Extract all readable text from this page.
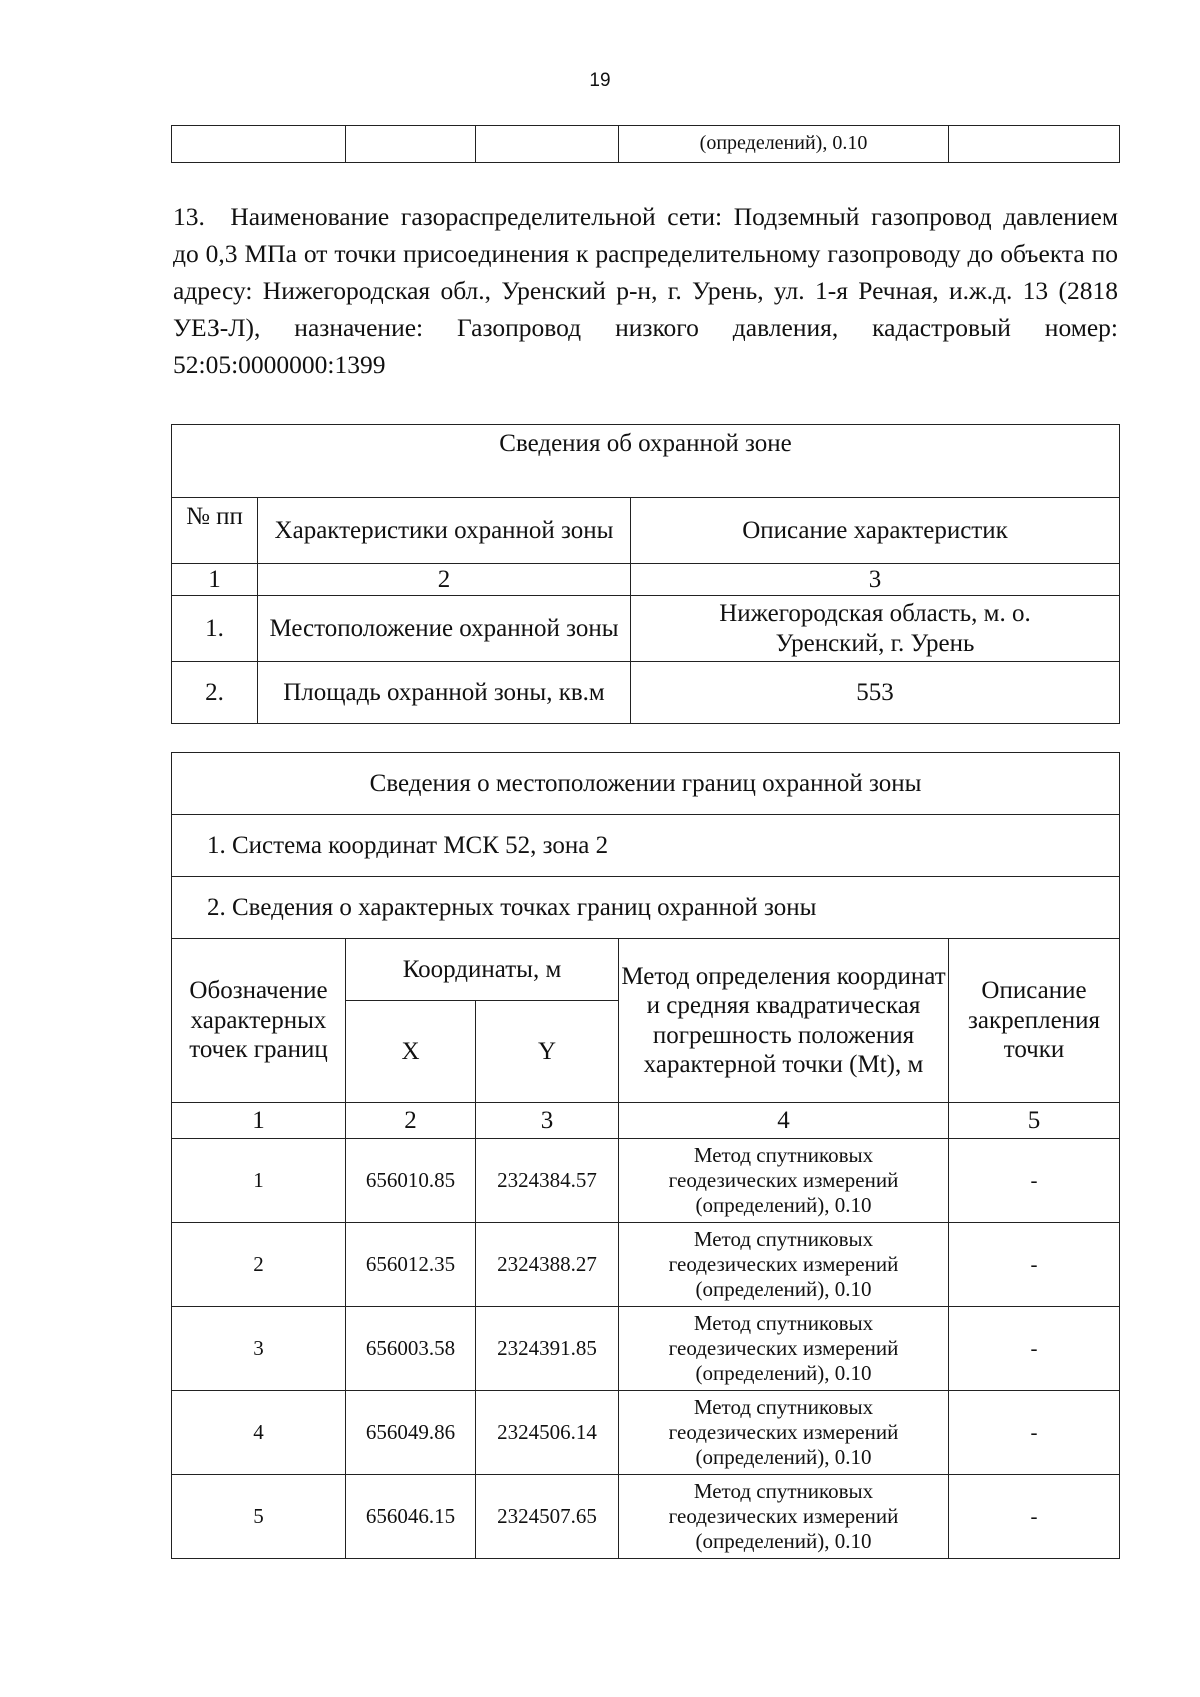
19
			(определений), 0.10	
13. Наименование газораспределительной сети: Подземный газопровод давлением до 0,3 МПа от точки присоединения к распределительному газопроводу до объекта по адресу: Нижегородская обл., Уренский р-н, г. Урень, ул. 1-я Речная, и.ж.д. 13 (2818 УЕЗ-Л), назначение: Газопровод низкого давления, кадастровый номер: 52:05:0000000:1399
Сведения об охранной зоне		
№ пп	Характеристики охранной зоны	Описание характеристик
1	2	3
1.	Местоположение охранной зоны	Нижегородская область, м. о. Уренский, г. Урень
2.	Площадь охранной зоны, кв.м	553
Сведения о местоположении границ охранной зоны				
1. Система координат МСК 52, зона 2				
2. Сведения о характерных точках границ охранной зоны				
Обозначение характерных точек границ	Координаты, м		Метод определения координат и средняя квадратическая погрешность положения характерной точки (Mt), м	Описание закрепления точки
	X	Y		
1	2	3	4	5
1	656010.85	2324384.57	Метод спутниковых геодезических измерений (определений), 0.10	-
2	656012.35	2324388.27	Метод спутниковых геодезических измерений (определений), 0.10	-
3	656003.58	2324391.85	Метод спутниковых геодезических измерений (определений), 0.10	-
4	656049.86	2324506.14	Метод спутниковых геодезических измерений (определений), 0.10	-
5	656046.15	2324507.65	Метод спутниковых геодезических измерений (определений), 0.10	-
